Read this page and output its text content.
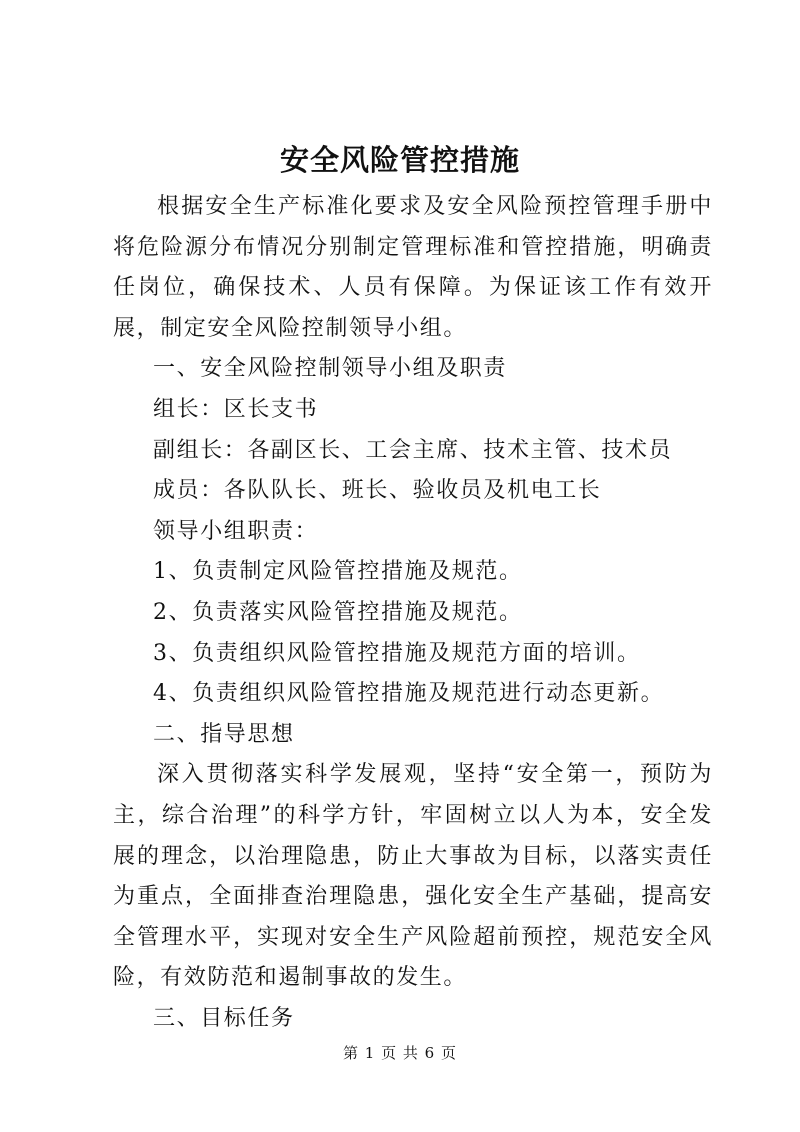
安全风险管控措施

根据安全生产标准化要求及安全风险预控管理手册中将危险源分布情况分别制定管理标准和管控措施，明确责任岗位，确保技术、人员有保障。为保证该工作有效开展，制定安全风险控制领导小组。

一、安全风险控制领导小组及职责

组长：区长支书

副组长：各副区长、工会主席、技术主管、技术员

成员：各队队长、班长、验收员及机电工长

领导小组职责：

1、负责制定风险管控措施及规范。

2、负责落实风险管控措施及规范。

3、负责组织风险管控措施及规范方面的培训。

4、负责组织风险管控措施及规范进行动态更新。

二、指导思想

深入贯彻落实科学发展观，坚持“安全第一，预防为主，综合治理”的科学方针，牢固树立以人为本，安全发展的理念，以治理隐患，防止大事故为目标，以落实责任为重点，全面排查治理隐患，强化安全生产基础，提高安全管理水平，实现对安全生产风险超前预控，规范安全风险，有效防范和遏制事故的发生。

三、目标任务

第 1 页 共 6 页
